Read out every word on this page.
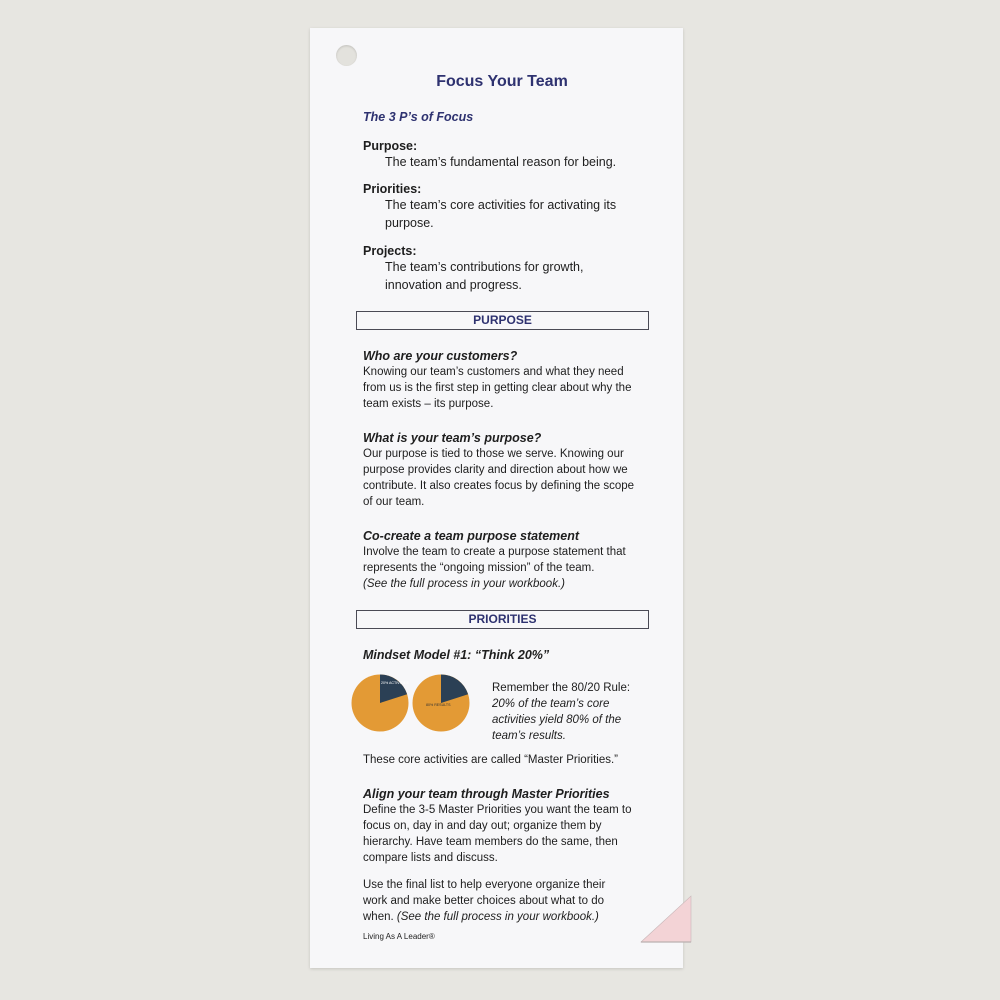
Focus Your Team
The 3 P’s of Focus

Purpose:

The team’s fundamental reason for being.

Priorities:

The team’s core activities for activating its purpose.

Projects:

The team’s contributions for growth, innovation and progress.

PURPOSE
Who are your customers?

Knowing our team’s customers and what they need from us is the first step in getting clear about why the team exists – its purpose.

What is your team’s purpose?

Our purpose is tied to those we serve. Knowing our purpose provides clarity and direction about how we contribute. It also creates focus by defining the scope of our team.

Co-create a team purpose statement

Involve the team to create a purpose statement that represents the “ongoing mission” of the team.
(See the full process in your workbook.)

PRIORITIES
Mindset Model #1: “Think 20%”
20% ACTIVITIES
80% RESULTS

Remember the 80/20 Rule:
20% of the team’s core activities yield 80% of the team’s results.

These core activities are called “Master Priorities.”

Align your team through Master Priorities

Define the 3-5 Master Priorities you want the team to focus on, day in and day out; organize them by hierarchy. Have team members do the same, then compare lists and discuss.

Use the final list to help everyone organize their work and make better choices about what to do when. (See the full process in your workbook.)

Living As A Leader®
